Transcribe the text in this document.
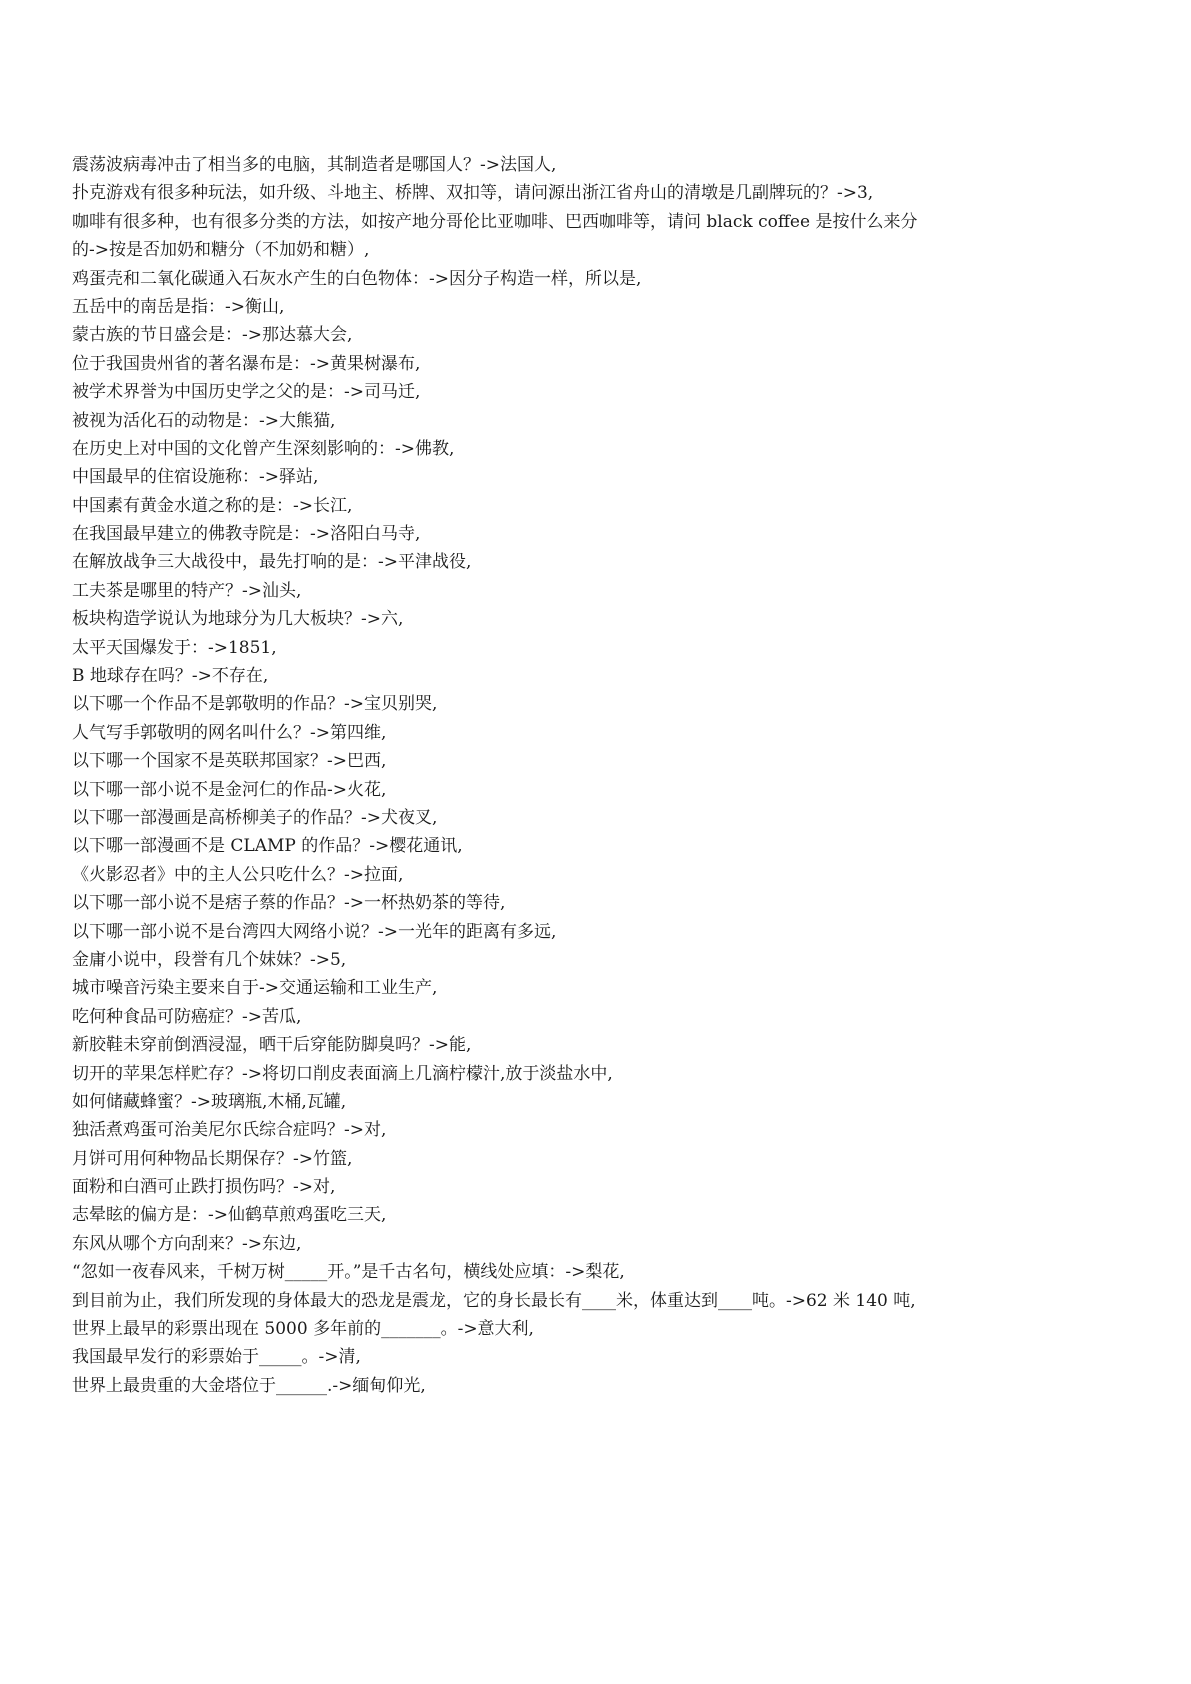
震荡波病毒冲击了相当多的电脑，其制造者是哪国人？->法国人,
扑克游戏有很多种玩法，如升级、斗地主、桥牌、双扣等，请问源出浙江省舟山的清墩是几副牌玩的？->3,
咖啡有很多种，也有很多分类的方法，如按产地分哥伦比亚咖啡、巴西咖啡等，请问 black coffee 是按什么来分
的->按是否加奶和糖分（不加奶和糖）,
鸡蛋壳和二氧化碳通入石灰水产生的白色物体：->因分子构造一样，所以是,
五岳中的南岳是指：->衡山,
蒙古族的节日盛会是：->那达慕大会,
位于我国贵州省的著名瀑布是：->黄果树瀑布,
被学术界誉为中国历史学之父的是：->司马迁,
被视为活化石的动物是：->大熊猫,
在历史上对中国的文化曾产生深刻影响的：->佛教,
中国最早的住宿设施称：->驿站,
中国素有黄金水道之称的是：->长江,
在我国最早建立的佛教寺院是：->洛阳白马寺,
在解放战争三大战役中，最先打响的是：->平津战役,
工夫茶是哪里的特产？->汕头,
板块构造学说认为地球分为几大板块？->六,
太平天国爆发于：->1851,
B 地球存在吗？->不存在,
以下哪一个作品不是郭敬明的作品？->宝贝别哭,
人气写手郭敬明的网名叫什么？->第四维,
以下哪一个国家不是英联邦国家？->巴西,
以下哪一部小说不是金河仁的作品->火花,
以下哪一部漫画是高桥柳美子的作品？->犬夜叉,
以下哪一部漫画不是 CLAMP 的作品？->樱花通讯,
《火影忍者》中的主人公只吃什么？->拉面,
以下哪一部小说不是痞子蔡的作品？->一杯热奶茶的等待,
以下哪一部小说不是台湾四大网络小说？->一光年的距离有多远,
金庸小说中，段誉有几个妹妹？->5,
城市噪音污染主要来自于->交通运输和工业生产,
吃何种食品可防癌症？->苦瓜,
新胶鞋未穿前倒酒浸湿，晒干后穿能防脚臭吗？->能,
切开的苹果怎样贮存？->将切口削皮表面滴上几滴柠檬汁,放于淡盐水中,
如何储藏蜂蜜？->玻璃瓶,木桶,瓦罐,
独活煮鸡蛋可治美尼尔氏综合症吗？->对,
月饼可用何种物品长期保存？->竹篮,
面粉和白酒可止跌打损伤吗？->对,
志晕眩的偏方是：->仙鹤草煎鸡蛋吃三天,
东风从哪个方向刮来？->东边,
“忽如一夜春风来，千树万树_____开。”是千古名句，横线处应填：->梨花,
到目前为止，我们所发现的身体最大的恐龙是震龙，它的身长最长有____米，体重达到____吨。->62 米 140 吨,
世界上最早的彩票出现在 5000 多年前的_______。->意大利,
我国最早发行的彩票始于_____。->清,
世界上最贵重的大金塔位于______.->缅甸仰光,
